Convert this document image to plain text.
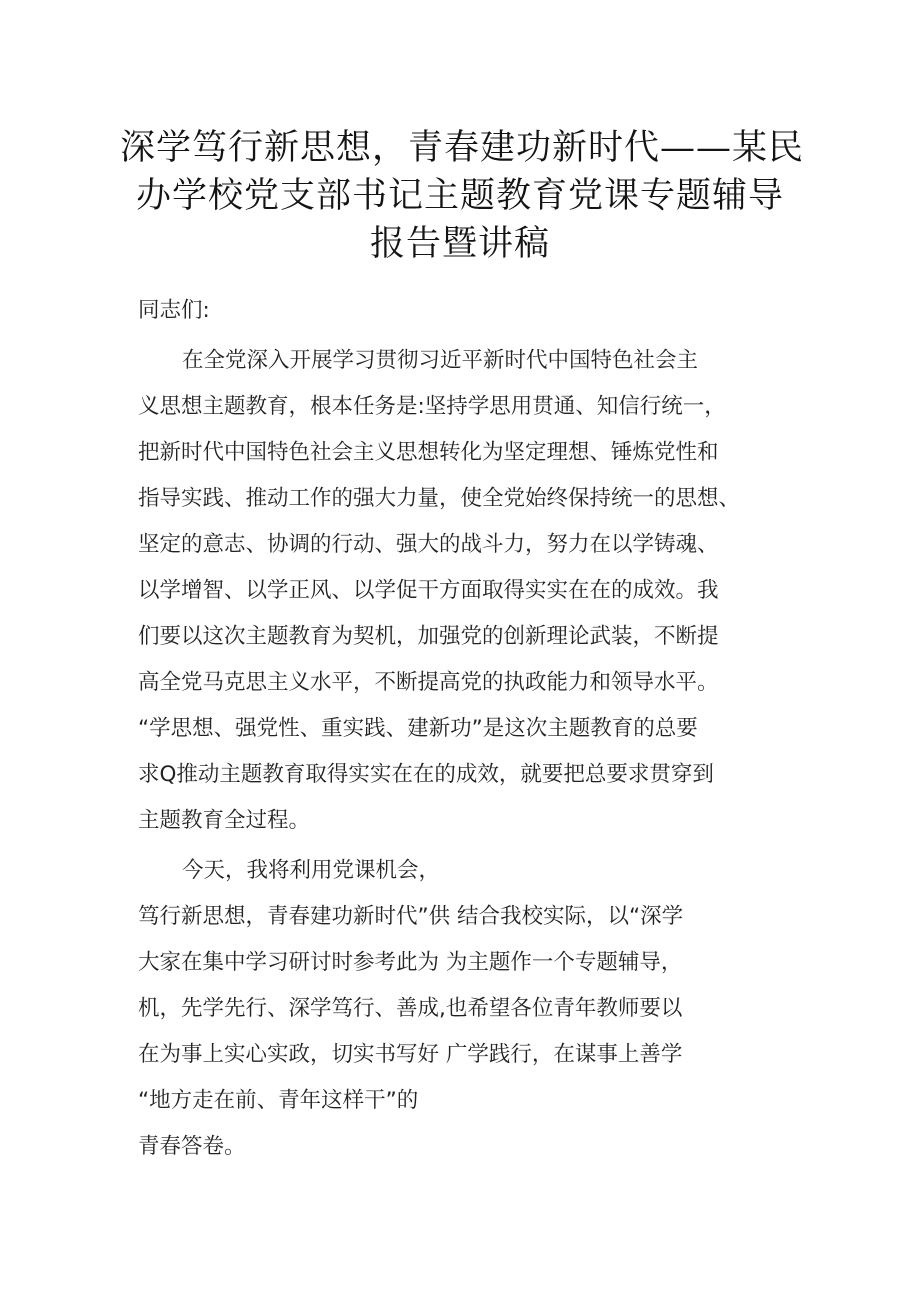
深学笃行新思想，青春建功新时代——某民
办学校党支部书记主题教育党课专题辅导
报告暨讲稿
同志们:
在全党深入开展学习贯彻习近平新时代中国特色社会主
义思想主题教育，根本任务是:坚持学思用贯通、知信行统一，
把新时代中国特色社会主义思想转化为坚定理想、锤炼党性和
指导实践、推动工作的强大力量，使全党始终保持统一的思想、
坚定的意志、协调的行动、强大的战斗力，努力在以学铸魂、
以学增智、以学正风、以学促干方面取得实实在在的成效。我
们要以这次主题教育为契机，加强党的创新理论武装，不断提
高全党马克思主义水平，不断提高党的执政能力和领导水平。
“学思想、强党性、重实践、建新功”是这次主题教育的总要
求Q推动主题教育取得实实在在的成效，就要把总要求贯穿到
主题教育全过程。
今天，我将利用党课机会，
笃行新思想，青春建功新时代”供 结合我校实际，以“深学
大家在集中学习研讨时参考此为 为主题作一个专题辅导，
机，先学先行、深学笃行、善成,也希望各位青年教师要以
在为事上实心实政，切实书写好 广学践行，在谋事上善学
“地方走在前、青年这样干”的
青春答卷。
